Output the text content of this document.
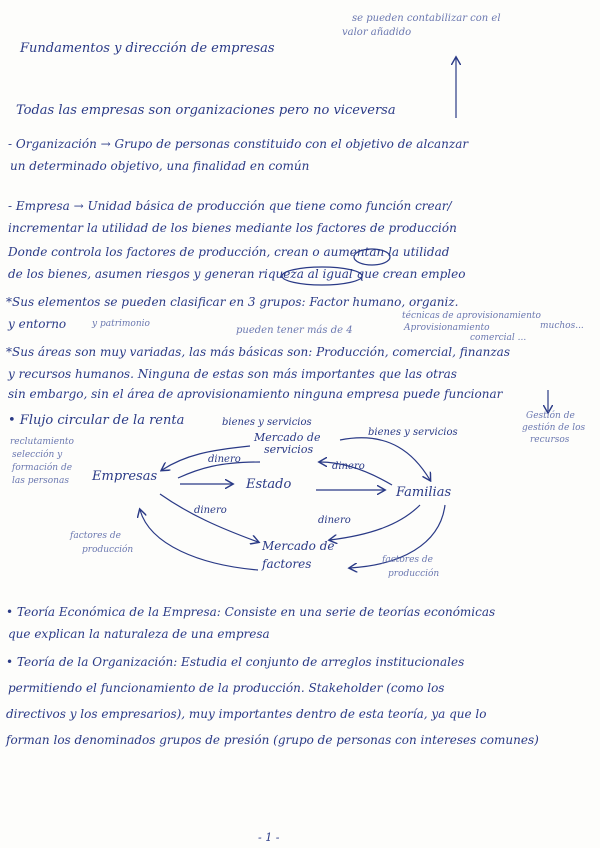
se pueden contabilizar con el
valor añadido
Fundamentos y dirección de empresas
Todas las empresas son organizaciones pero no viceversa
- Organización → Grupo de personas constituido con el objetivo de alcanzar
un determinado objetivo, una finalidad en común
- Empresa → Unidad básica de producción que tiene como función crear/
incrementar la utilidad de los bienes mediante los factores de producción
Donde controla los factores de producción, crean o aumentan la utilidad
de los bienes, asumen riesgos y generan riqueza al igual que crean empleo
*Sus elementos se pueden clasificar en 3 grupos: Factor humano, organiz.
y entorno	y patrimonio
pueden tener más de 4
técnicas de aprovisionamiento
Aprovisionamiento
comercial ...
muchos...
*Sus áreas son muy variadas, las más básicas son: Producción, comercial, finanzas
y recursos humanos. Ninguna de estas son más importantes que las otras
sin embargo, sin el área de aprovisionamiento ninguna empresa puede funcionar
Gestión de
gestión de los
recursos
• Flujo circular de la renta	bienes y servicios
Mercado de
servicios
bienes y servicios
reclutamiento
selección y
formación de
las personas Empresas
dinero
dinero
Estado
Familias
dinero
dinero
factores de
producción	Mercado de
factores	factores de
producción
• Teoría Económica de la Empresa: Consiste en una serie de teorías económicas
que explican la naturaleza de una empresa
• Teoría de la Organización: Estudia el conjunto de arreglos institucionales
permitiendo el funcionamiento de la producción. Stakeholder (como los
directivos y los empresarios), muy importantes dentro de esta teoría, ya que lo
forman los denominados grupos de presión (grupo de personas con intereses comunes)
- 1 -
